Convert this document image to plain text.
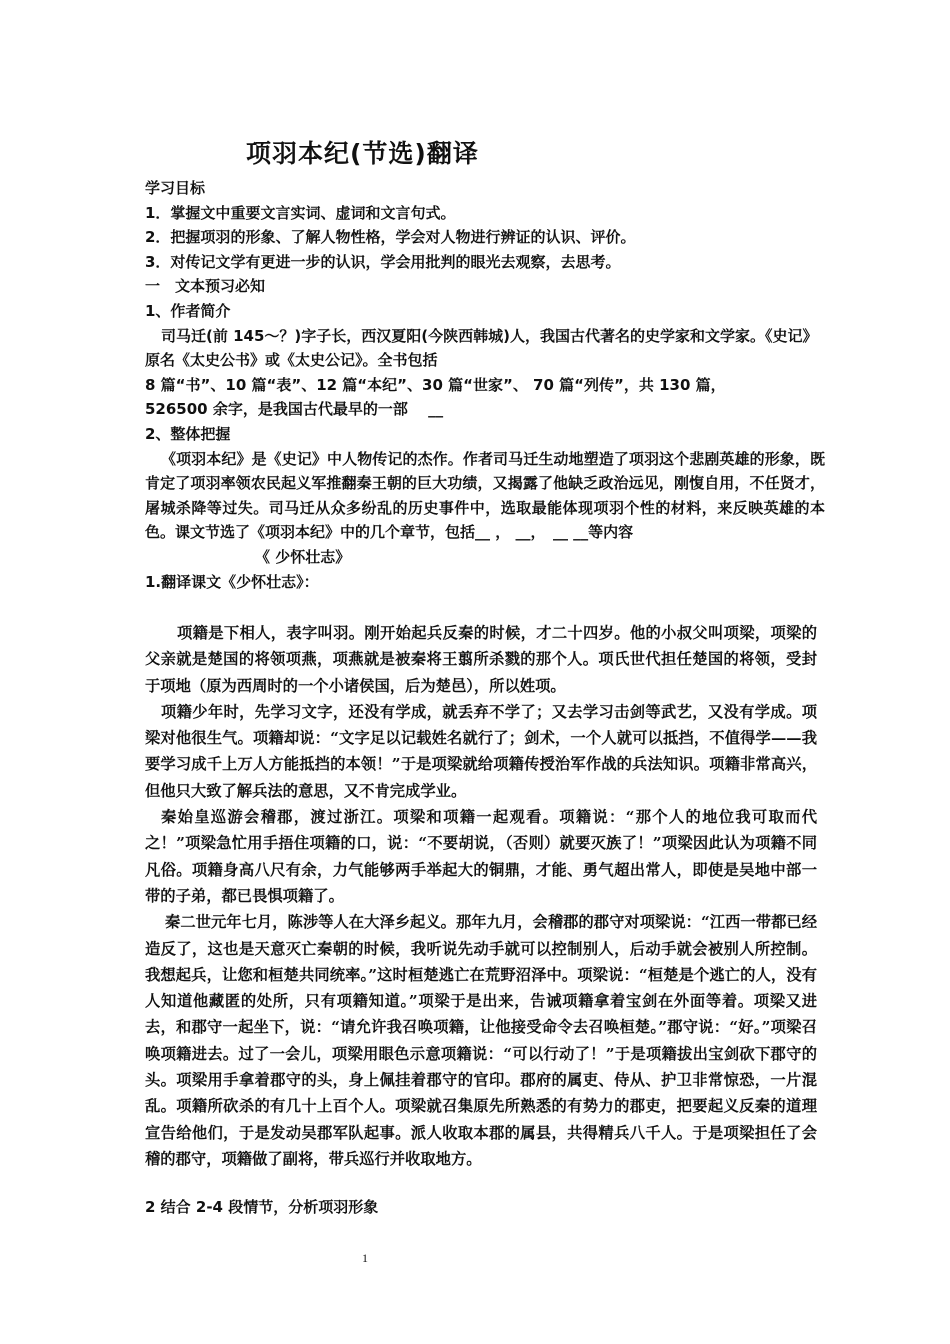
项羽本纪(节选)翻译

学习目标

1．掌握文中重要文言实词、虚词和文言句式。

2．把握项羽的形象、了解人物性格，学会对人物进行辨证的认识、评价。

3．对传记文学有更进一步的认识，学会用批判的眼光去观察，去思考。

一　文本预习必知

1、作者简介

司马迁(前 145～？)字子长，西汉夏阳(今陕西韩城)人，我国古代著名的史学家和文学家。《史记》原名《太史公书》或《太史公记》。全书包括

8 篇“书”、10 篇“表”、12 篇“本纪”、30 篇“世家”、 70 篇“列传”，共 130 篇，

526500 余字，是我国古代最早的一部　 __

2、整体把握

《项羽本纪》是《史记》中人物传记的杰作。作者司马迁生动地塑造了项羽这个悲剧英雄的形象，既肯定了项羽率领农民起义军推翻秦王朝的巨大功绩，又揭露了他缺乏政治远见，刚愎自用，不任贤才，屠城杀降等过失。司马迁从众多纷乱的历史事件中，选取最能体现项羽个性的材料，来反映英雄的本色。课文节选了《项羽本纪》中的几个章节，包括__ ， __，　__ __等内容

《 少怀壮志》

1.翻译课文《少怀壮志》：

项籍是下相人，表字叫羽。刚开始起兵反秦的时候，才二十四岁。他的小叔父叫项梁，项梁的父亲就是楚国的将领项燕，项燕就是被秦将王翦所杀戮的那个人。项氏世代担任楚国的将领，受封于项地（原为西周时的一个小诸侯国，后为楚邑），所以姓项。

项籍少年时，先学习文字，还没有学成，就丢弃不学了；又去学习击剑等武艺，又没有学成。项梁对他很生气。项籍却说：“文字足以记载姓名就行了；剑术，一个人就可以抵挡，不值得学——我要学习成千上万人方能抵挡的本领！”于是项梁就给项籍传授治军作战的兵法知识。项籍非常高兴，但他只大致了解兵法的意思，又不肯完成学业。

秦始皇巡游会稽郡，渡过浙江。项梁和项籍一起观看。项籍说：“那个人的地位我可取而代之！”项梁急忙用手捂住项籍的口，说：“不要胡说，（否则）就要灭族了！”项梁因此认为项籍不同凡俗。项籍身高八尺有余，力气能够两手举起大的铜鼎，才能、勇气超出常人，即使是吴地中部一带的子弟，都已畏惧项籍了。

秦二世元年七月，陈涉等人在大泽乡起义。那年九月，会稽郡的郡守对项梁说：“江西一带都已经造反了，这也是天意灭亡秦朝的时候，我听说先动手就可以控制别人，后动手就会被别人所控制。我想起兵，让您和桓楚共同统率。”这时桓楚逃亡在荒野沼泽中。项梁说：“桓楚是个逃亡的人，没有人知道他藏匿的处所，只有项籍知道。”项梁于是出来，告诫项籍拿着宝剑在外面等着。项梁又进去，和郡守一起坐下，说：“请允许我召唤项籍，让他接受命令去召唤桓楚。”郡守说：“好。”项梁召唤项籍进去。过了一会儿，项梁用眼色示意项籍说：“可以行动了！”于是项籍拔出宝剑砍下郡守的头。项梁用手拿着郡守的头，身上佩挂着郡守的官印。郡府的属吏、侍从、护卫非常惊恐，一片混乱。项籍所砍杀的有几十上百个人。项梁就召集原先所熟悉的有势力的郡吏，把要起义反秦的道理宣告给他们，于是发动吴郡军队起事。派人收取本郡的属县，共得精兵八千人。于是项梁担任了会稽的郡守，项籍做了副将，带兵巡行并收取地方。

2 结合 2-4 段情节，分析项羽形象
1
